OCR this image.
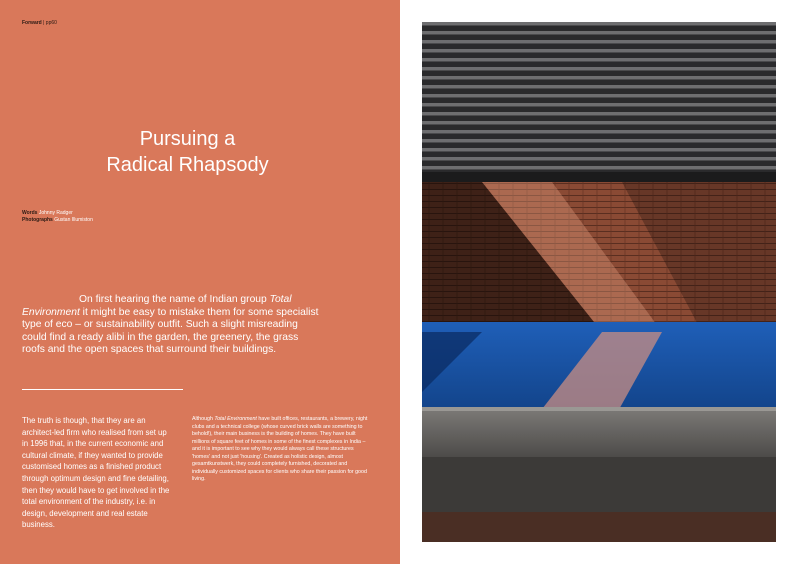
Forward | pp60
Pursuing a
Radical Rhapsody
Words Johnny Radger
Photographs Gustan Illumiston

On first hearing the name of Indian group Total Environment it might be easy to mistake them for some specialist type of eco – or sustainability outfit. Such a slight misreading could find a ready alibi in the garden, the greenery, the grass roofs and the open spaces that surround their buildings.

The truth is though, that they are an architect-led firm who realised from set up in 1996 that, in the current economic and cultural climate, if they wanted to provide customised homes as a finished product through optimum design and fine detailing, then they would have to get involved in the total environment of the industry, i.e. in design, development and real estate business.

Although Total Environment have built offices, restaurants, a brewery, night clubs and a technical college (whose curved brick walls are something to behold!), their main business is the building of homes. They have built millions of square feet of homes in some of the finest complexes in India – and it is important to see why they would always call these structures 'homes' and not just 'housing'. Created as holistic design, almost gesamtkunstwerk, they could completely furnished, decorated and individually customized spaces for clients who share their passion for good living.
